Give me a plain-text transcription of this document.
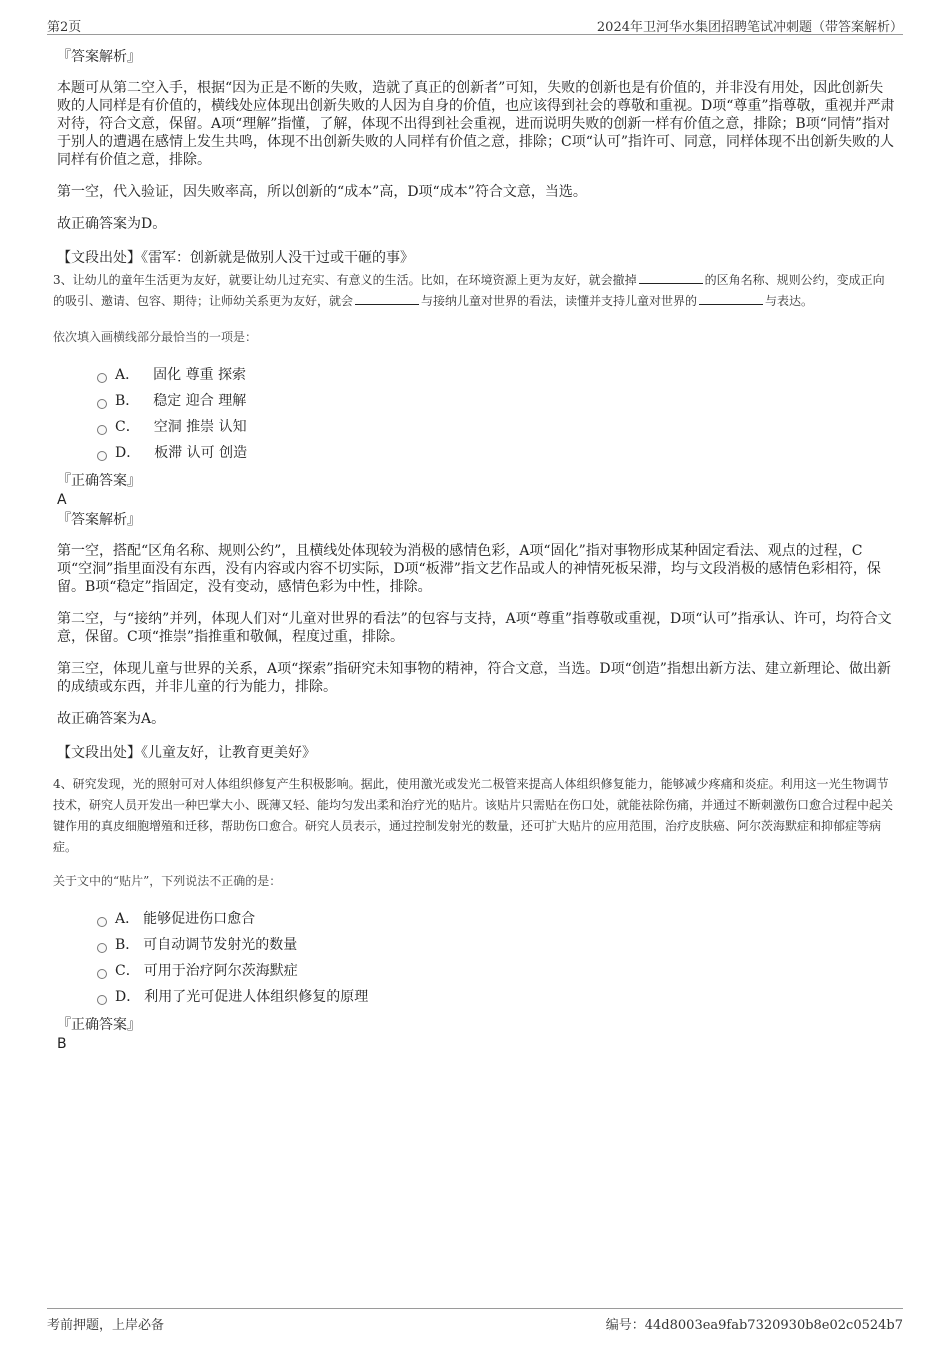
第2页	2024年卫河华水集团招聘笔试冲刺题（带答案解析）

『答案解析』

本题可从第二空入手，根据“因为正是不断的失败，造就了真正的创新者”可知，失败的创新也是有价值的，并非没有用处，因此创新失败的人同样是有价值的，横线处应体现出创新失败的人因为自身的价值，也应该得到社会的尊敬和重视。D项“尊重”指尊敬，重视并严肃对待，符合文意，保留。A项“理解”指懂，了解，体现不出得到社会重视，进而说明失败的创新一样有价值之意，排除；B项“同情”指对于别人的遭遇在感情上发生共鸣，体现不出创新失败的人同样有价值之意，排除；C项“认可”指许可、同意，同样体现不出创新失败的人同样有价值之意，排除。

第一空，代入验证，因失败率高，所以创新的“成本”高，D项“成本”符合文意，当选。

故正确答案为D。

【文段出处】《雷军：创新就是做别人没干过或干砸的事》

3、让幼儿的童年生活更为友好，就要让幼儿过充实、有意义的生活。比如，在环境资源上更为友好，就会撤掉	的区角名称、规则公约，变成正向的吸引、邀请、包容、期待；让师幼关系更为友好，就会	与接纳儿童对世界的看法，读懂并支持儿童对世界的	与表达。

依次填入画横线部分最恰当的一项是：

A． 固化 尊重 探索
B． 稳定 迎合 理解
C． 空洞 推崇 认知
D． 板滞 认可 创造

『正确答案』

A

『答案解析』

第一空，搭配“区角名称、规则公约”，且横线处体现较为消极的感情色彩，A项“固化”指对事物形成某种固定看法、观点的过程，C项“空洞”指里面没有东西，没有内容或内容不切实际，D项“板滞”指文艺作品或人的神情死板呆滞，均与文段消极的感情色彩相符，保留。B项“稳定”指固定，没有变动，感情色彩为中性，排除。

第二空，与“接纳”并列，体现人们对“儿童对世界的看法”的包容与支持，A项“尊重”指尊敬或重视，D项“认可”指承认、许可，均符合文意，保留。C项“推崇”指推重和敬佩，程度过重，排除。

第三空，体现儿童与世界的关系，A项“探索”指研究未知事物的精神，符合文意，当选。D项“创造”指想出新方法、建立新理论、做出新的成绩或东西，并非儿童的行为能力，排除。

故正确答案为A。

【文段出处】《儿童友好，让教育更美好》

4、研究发现，光的照射可对人体组织修复产生积极影响。据此，使用激光或发光二极管来提高人体组织修复能力，能够减少疼痛和炎症。利用这一光生物调节技术，研究人员开发出一种巴掌大小、既薄又轻、能均匀发出柔和治疗光的贴片。该贴片只需贴在伤口处，就能祛除伤痛，并通过不断刺激伤口愈合过程中起关键作用的真皮细胞增殖和迁移，帮助伤口愈合。研究人员表示，通过控制发射光的数量，还可扩大贴片的应用范围，治疗皮肤癌、阿尔茨海默症和抑郁症等病症。

关于文中的“贴片”，下列说法不正确的是：

A． 能够促进伤口愈合
B． 可自动调节发射光的数量
C． 可用于治疗阿尔茨海默症
D． 利用了光可促进人体组织修复的原理

『正确答案』

B

考前押题，上岸必备	编号：44d8003ea9fab7320930b8e02c0524b7
